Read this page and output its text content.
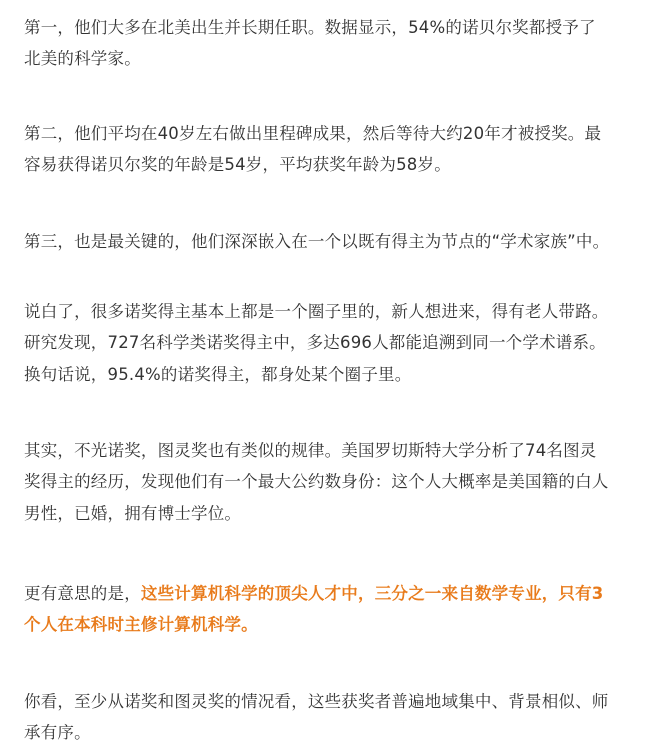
第一，他们大多在北美出生并长期任职。数据显示，54%的诺贝尔奖都授予了

北美的科学家。

第二，他们平均在40岁左右做出里程碑成果，然后等待大约20年才被授奖。最

容易获得诺贝尔奖的年龄是54岁，平均获奖年龄为58岁。

第三，也是最关键的，他们深深嵌入在一个以既有得主为节点的“学术家族”中。

说白了，很多诺奖得主基本上都是一个圈子里的，新人想进来，得有老人带路。

研究发现，727名科学类诺奖得主中，多达696人都能追溯到同一个学术谱系。

换句话说，95.4%的诺奖得主，都身处某个圈子里。

其实，不光诺奖，图灵奖也有类似的规律。美国罗切斯特大学分析了74名图灵

奖得主的经历，发现他们有一个最大公约数身份：这个人大概率是美国籍的白人

男性，已婚，拥有博士学位。

更有意思的是，这些计算机科学的顶尖人才中，三分之一来自数学专业，只有3

个人在本科时主修计算机科学。

你看，至少从诺奖和图灵奖的情况看，这些获奖者普遍地域集中、背景相似、师

承有序。
